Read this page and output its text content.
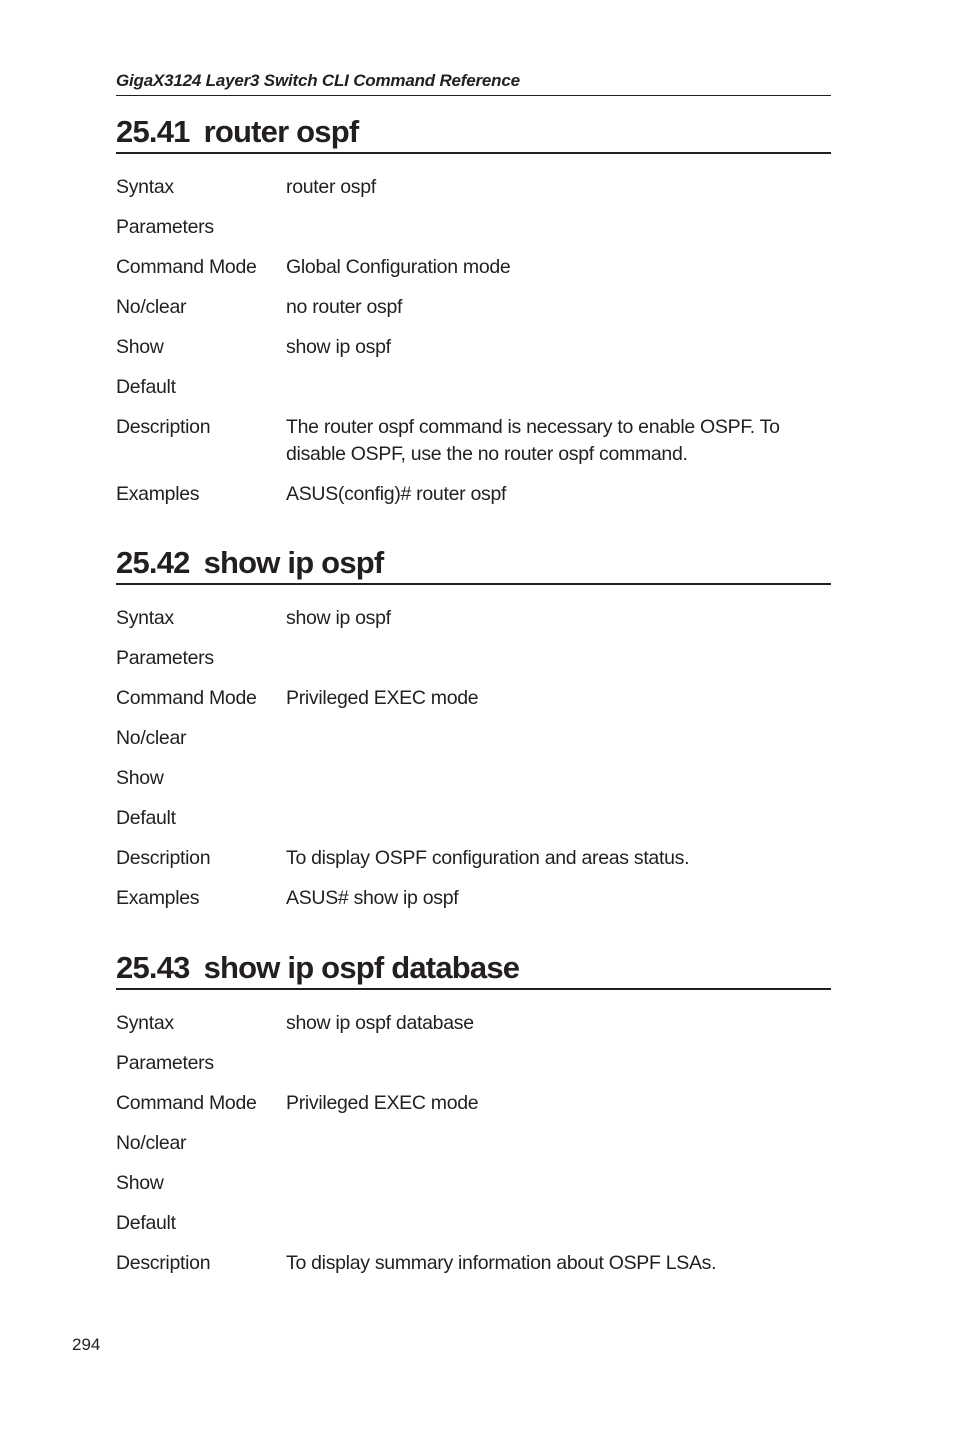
GigaX3124 Layer3 Switch CLI Command Reference
25.41 router ospf
Syntax	router ospf
Parameters
Command Mode	Global Configuration mode
No/clear	no router ospf
Show	show ip ospf
Default
Description	The router ospf command is necessary to enable OSPF. To disable OSPF, use the no router ospf command.
Examples	ASUS(config)# router ospf
25.42 show ip ospf
Syntax	show ip ospf
Parameters
Command Mode	Privileged EXEC mode
No/clear
Show
Default
Description	To display OSPF configuration and areas status.
Examples	ASUS# show ip ospf
25.43 show ip ospf database
Syntax	show ip ospf database
Parameters
Command Mode	Privileged EXEC mode
No/clear
Show
Default
Description	To display summary information about OSPF LSAs.
294
